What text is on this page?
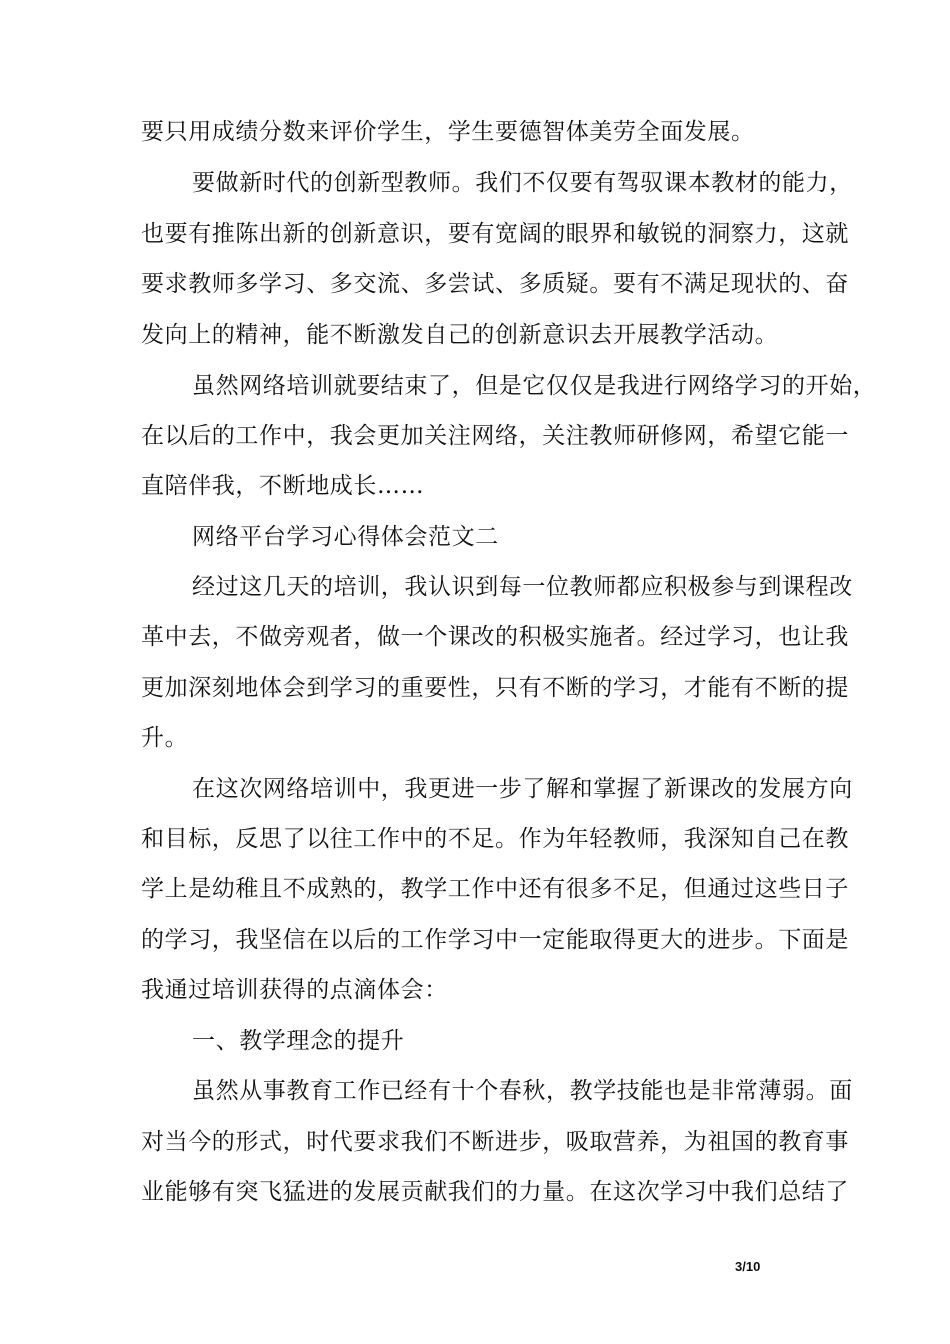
要只用成绩分数来评价学生，学生要德智体美劳全面发展。
要做新时代的创新型教师。我们不仅要有驾驭课本教材的能力，
也要有推陈出新的创新意识，要有宽阔的眼界和敏锐的洞察力，这就
要求教师多学习、多交流、多尝试、多质疑。要有不满足现状的、奋
发向上的精神，能不断激发自己的创新意识去开展教学活动。
虽然网络培训就要结束了，但是它仅仅是我进行网络学习的开始，
在以后的工作中，我会更加关注网络，关注教师研修网，希望它能一
直陪伴我，不断地成长……
网络平台学习心得体会范文二
经过这几天的培训，我认识到每一位教师都应积极参与到课程改
革中去，不做旁观者，做一个课改的积极实施者。经过学习，也让我
更加深刻地体会到学习的重要性，只有不断的学习，才能有不断的提
升。
在这次网络培训中，我更进一步了解和掌握了新课改的发展方向
和目标，反思了以往工作中的不足。作为年轻教师，我深知自己在教
学上是幼稚且不成熟的，教学工作中还有很多不足，但通过这些日子
的学习，我坚信在以后的工作学习中一定能取得更大的进步。下面是
我通过培训获得的点滴体会：
一、教学理念的提升
虽然从事教育工作已经有十个春秋，教学技能也是非常薄弱。面
对当今的形式，时代要求我们不断进步，吸取营养，为祖国的教育事
业能够有突飞猛进的发展贡献我们的力量。在这次学习中我们总结了
3/10
